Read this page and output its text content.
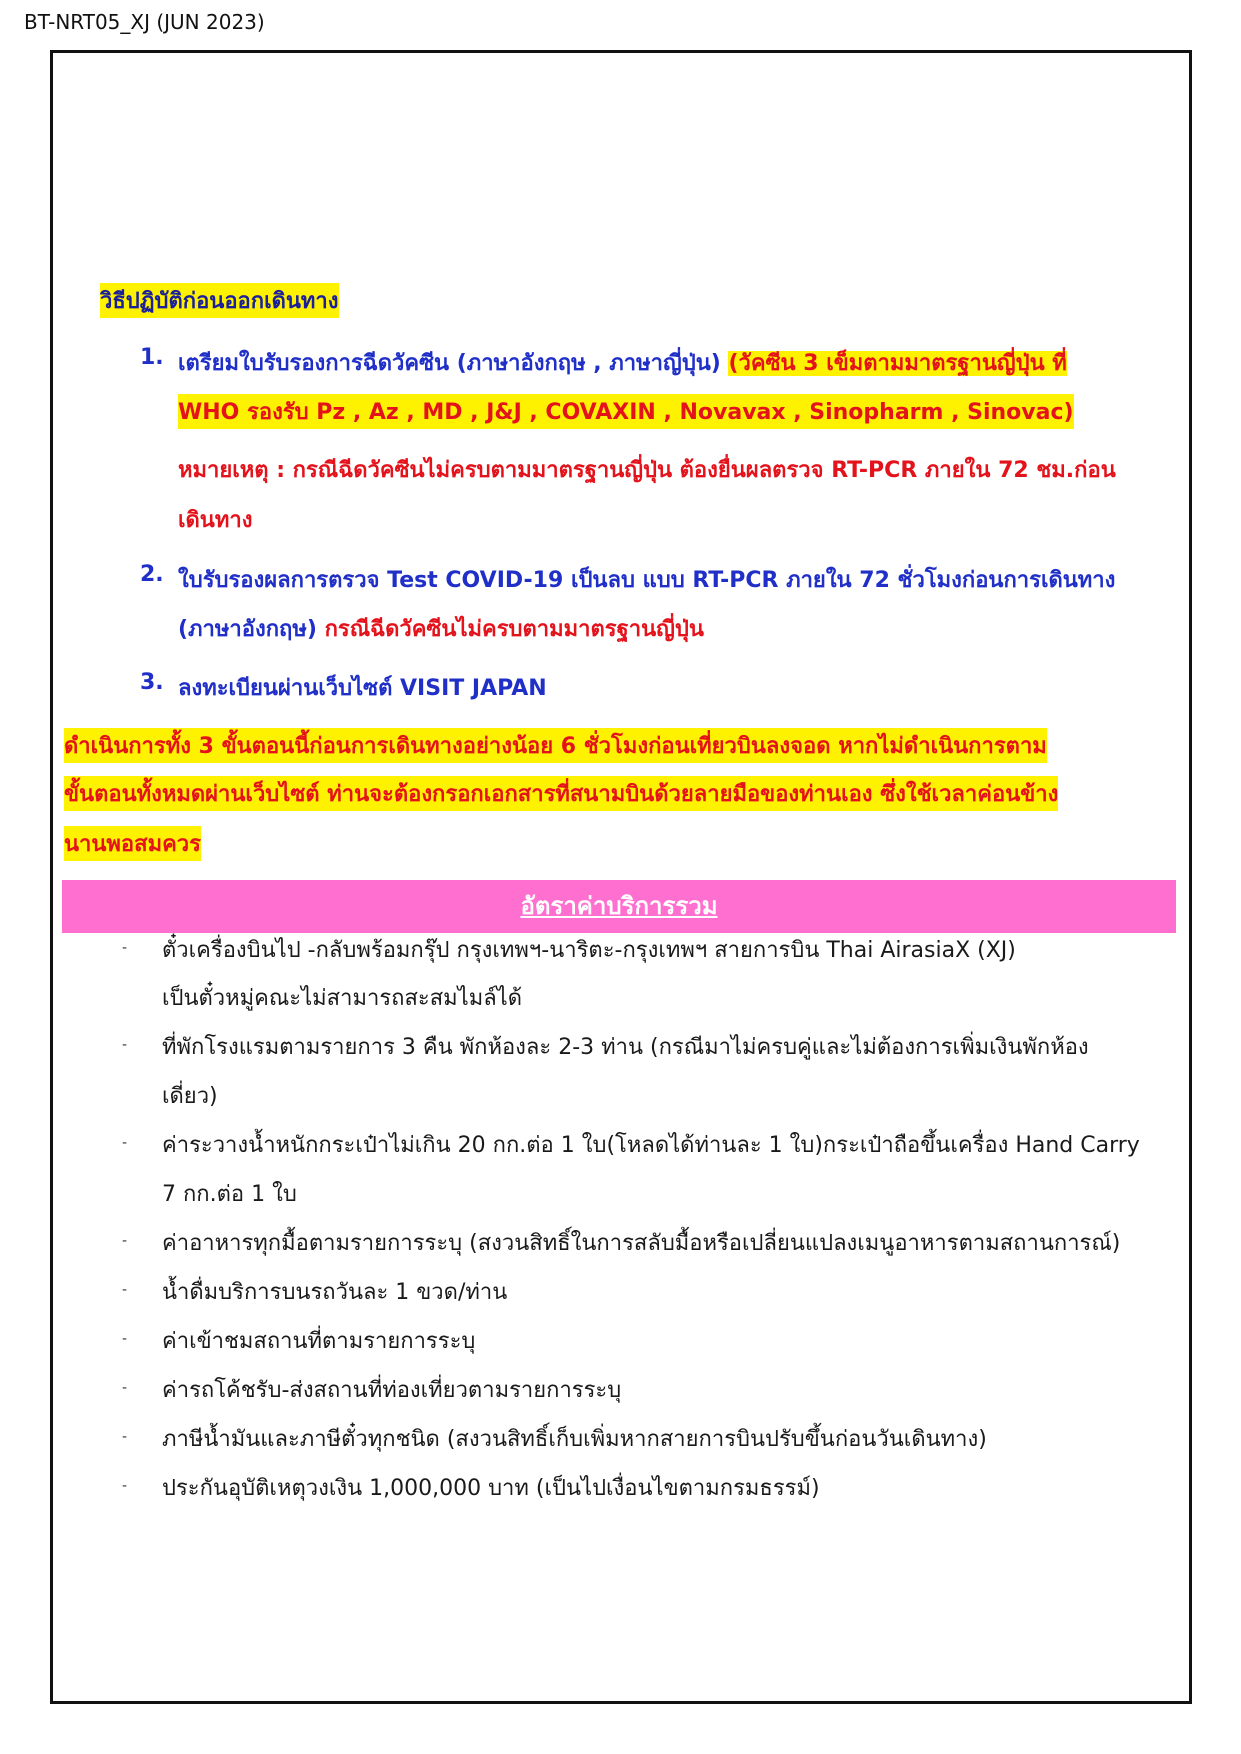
BT-NRT05_XJ (JUN 2023)
วิธีปฏิบัติก่อนออกเดินทาง
1. เตรียมใบรับรองการฉีดวัคซีน (ภาษาอังกฤษ , ภาษาญี่ปุ่น) (วัคซีน 3 เข็มตามมาตรฐานญี่ปุ่น ที่
WHO รองรับ Pz , Az , MD , J&J , COVAXIN , Novavax , Sinopharm , Sinovac)
หมายเหตุ : กรณีฉีดวัคซีนไม่ครบตามมาตรฐานญี่ปุ่น ต้องยื่นผลตรวจ RT-PCR ภายใน 72 ชม.ก่อน
เดินทาง
2. ใบรับรองผลการตรวจ Test COVID-19 เป็นลบ แบบ RT-PCR ภายใน 72 ชั่วโมงก่อนการเดินทาง
(ภาษาอังกฤษ) กรณีฉีดวัคซีนไม่ครบตามมาตรฐานญี่ปุ่น
3. ลงทะเบียนผ่านเว็บไซต์ VISIT JAPAN
ดำเนินการทั้ง 3 ขั้นตอนนี้ก่อนการเดินทางอย่างน้อย 6 ชั่วโมงก่อนเที่ยวบินลงจอด หากไม่ดำเนินการตาม
ขั้นตอนทั้งหมดผ่านเว็บไซต์ ท่านจะต้องกรอกเอกสารที่สนามบินด้วยลายมือของท่านเอง ซึ่งใช้เวลาค่อนข้าง
นานพอสมควร
อัตราค่าบริการรวม
- ตั๋วเครื่องบินไป -กลับพร้อมกรุ๊ป กรุงเทพฯ-นาริตะ-กรุงเทพฯ สายการบิน Thai AirasiaX (XJ)
เป็นตั๋วหมู่คณะไม่สามารถสะสมไมล์ได้
- ที่พักโรงแรมตามรายการ 3 คืน พักห้องละ 2-3 ท่าน (กรณีมาไม่ครบคู่และไม่ต้องการเพิ่มเงินพักห้อง
เดี่ยว)
- ค่าระวางน้ำหนักกระเป๋าไม่เกิน 20 กก.ต่อ 1 ใบ(โหลดได้ท่านละ 1 ใบ)กระเป๋าถือขึ้นเครื่อง Hand Carry
7 กก.ต่อ 1 ใบ
- ค่าอาหารทุกมื้อตามรายการระบุ (สงวนสิทธิ์ในการสลับมื้อหรือเปลี่ยนแปลงเมนูอาหารตามสถานการณ์)
- น้ำดื่มบริการบนรถวันละ 1 ขวด/ท่าน
- ค่าเข้าชมสถานที่ตามรายการระบุ
- ค่ารถโค้ชรับ-ส่งสถานที่ท่องเที่ยวตามรายการระบุ
- ภาษีน้ำมันและภาษีตั๋วทุกชนิด (สงวนสิทธิ์เก็บเพิ่มหากสายการบินปรับขึ้นก่อนวันเดินทาง)
- ประกันอุบัติเหตุวงเงิน 1,000,000 บาท (เป็นไปเงื่อนไขตามกรมธรรม์)
